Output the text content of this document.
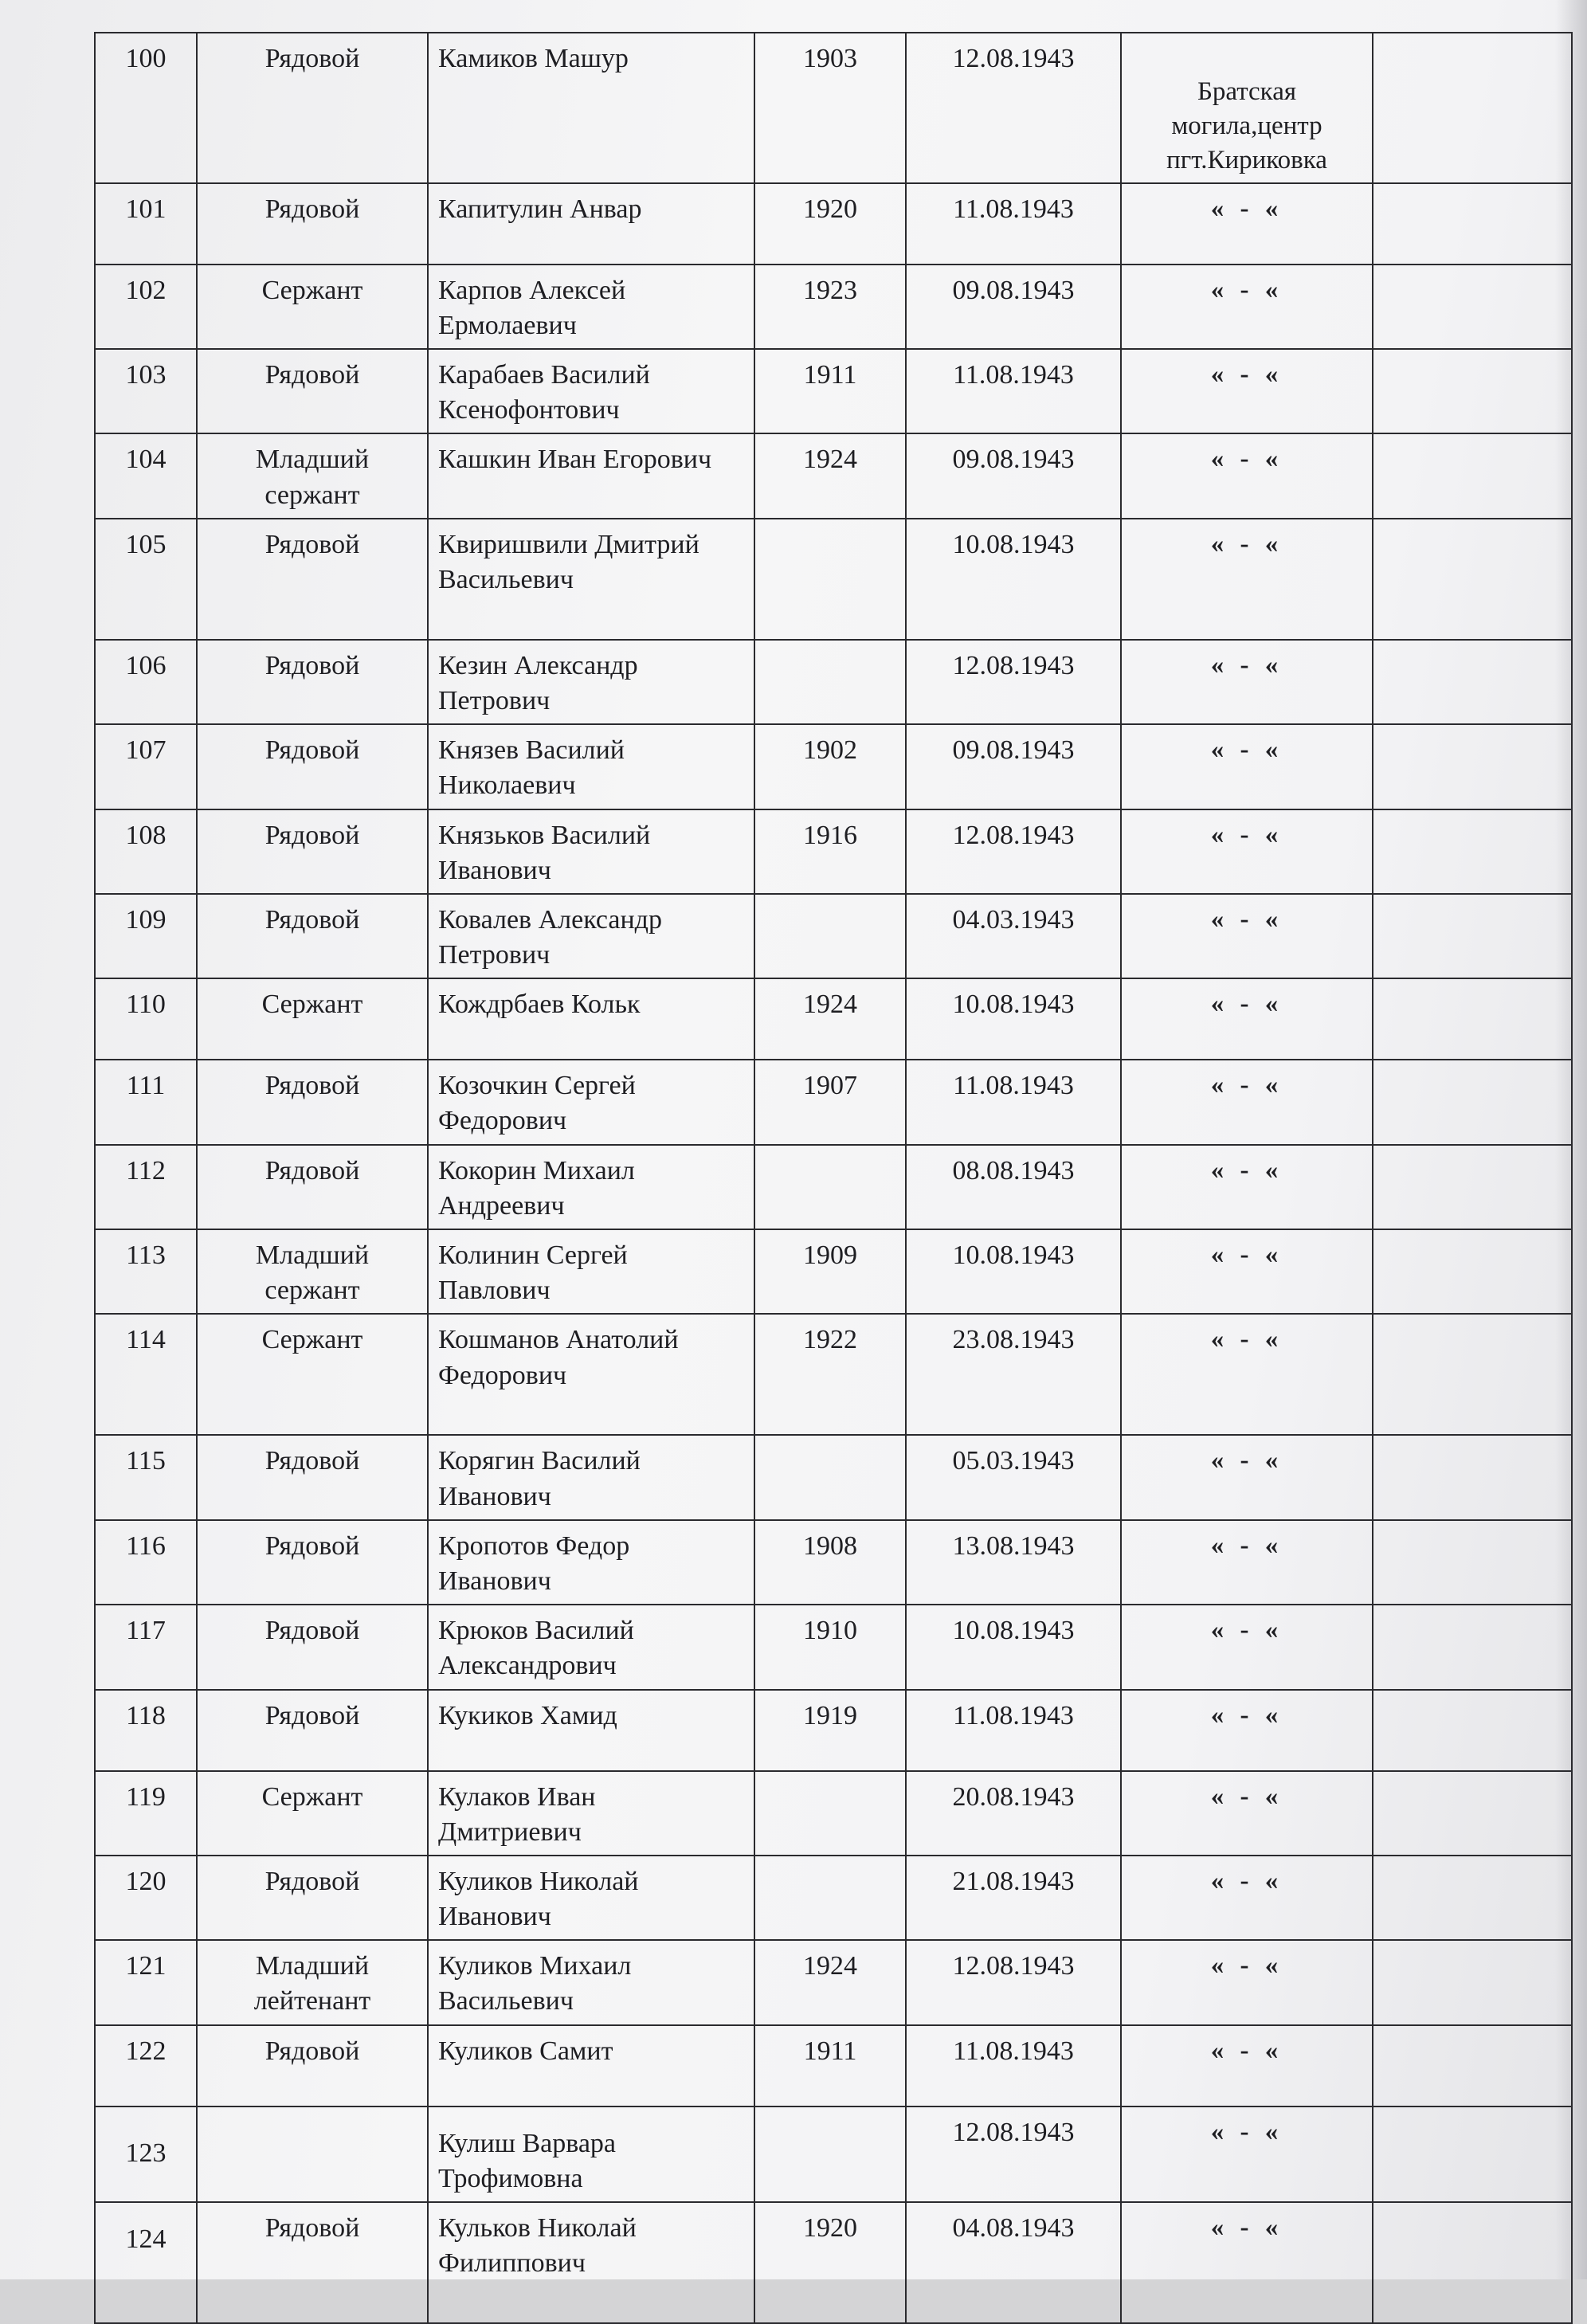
100	Рядовой	Камиков Машур	1903	12.08.1943	Братская могила,центр пгт.Кириковка	
101	Рядовой	Капитулин Анвар	1920	11.08.1943	« - «	
102	Сержант	Карпов Алексей Ермолаевич	1923	09.08.1943	« - «	
103	Рядовой	Карабаев Василий Ксенофонтович	1911	11.08.1943	« - «	
104	Младший сержант	Кашкин Иван Егорович	1924	09.08.1943	« - «	
105	Рядовой	Квиришвили Дмитрий Васильевич		10.08.1943	« - «	
106	Рядовой	Кезин Александр Петрович		12.08.1943	« - «	
107	Рядовой	Князев Василий Николаевич	1902	09.08.1943	« - «	
108	Рядовой	Князьков Василий Иванович	1916	12.08.1943	« - «	
109	Рядовой	Ковалев Александр Петрович		04.03.1943	« - «	
110	Сержант	Кождрбаев Кольк	1924	10.08.1943	« - «	
111	Рядовой	Козочкин Сергей Федорович	1907	11.08.1943	« - «	
112	Рядовой	Кокорин Михаил Андреевич		08.08.1943	« - «	
113	Младший сержант	Колинин Сергей Павлович	1909	10.08.1943	« - «	
114	Сержант	Кошманов Анатолий Федорович	1922	23.08.1943	« - «	
115	Рядовой	Корягин Василий Иванович		05.03.1943	« - «	
116	Рядовой	Кропотов Федор Иванович	1908	13.08.1943	« - «	
117	Рядовой	Крюков Василий Александрович	1910	10.08.1943	« - «	
118	Рядовой	Кукиков Хамид	1919	11.08.1943	« - «	
119	Сержант	Кулаков Иван Дмитриевич		20.08.1943	« - «	
120	Рядовой	Куликов Николай Иванович		21.08.1943	« - «	
121	Младший лейтенант	Куликов Михаил Васильевич	1924	12.08.1943	« - «	
122	Рядовой	Куликов Самит	1911	11.08.1943	« - «	
123		Кулиш Варвара Трофимовна		12.08.1943	« - «	
124	Рядовой	Кульков Николай Филиппович	1920	04.08.1943	« - «	
